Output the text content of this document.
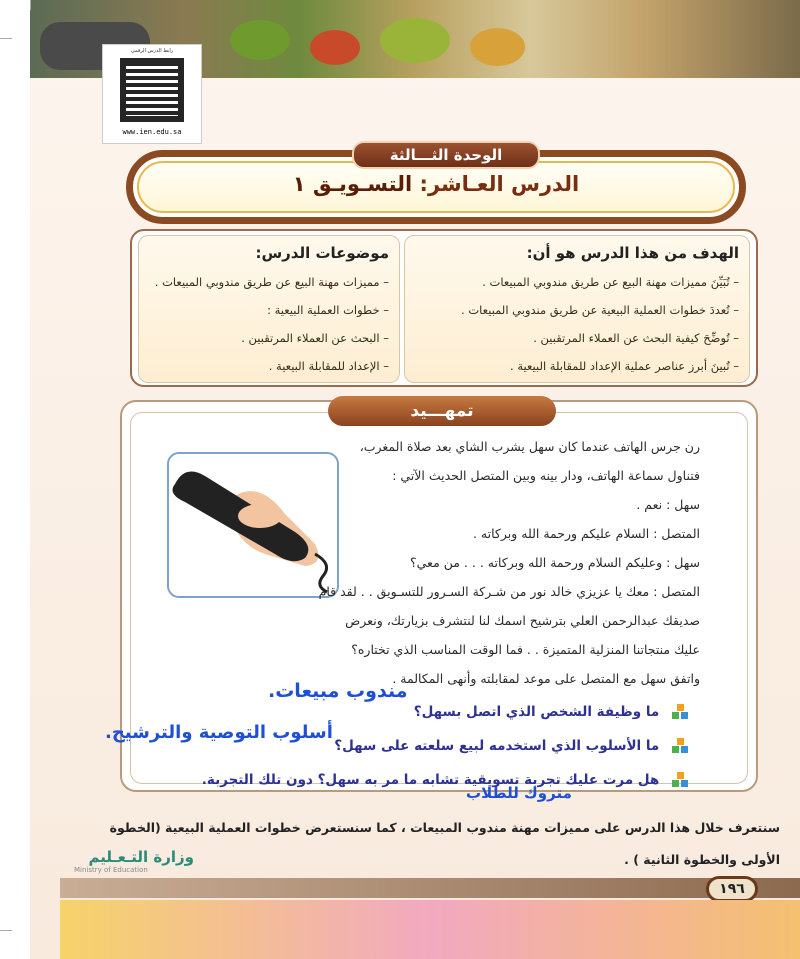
رابط الدرس الرقمي
www.ien.edu.sa
الوحدة الثـــالثة
الدرس العـاشر: التسـويـق ١
الهدف من هذا الدرس هو أن:
– تُبَيِّنَ مميزات مهنة البيع عن طريق مندوبي المبيعات .
– تُعددَ خطوات العملية البيعية عن طريق مندوبي المبيعات .
– تُوضِّحَ كيفية البحث عن العملاء المرتقبين .
– تُبينَ أبرز عناصر عملية الإعداد للمقابلة البيعية .
موضوعات الدرس:
– مميزات مهنة البيع عن طريق مندوبي المبيعات .
– خطوات العملية البيعية :
– البحث عن العملاء المرتقبين .
– الإعداد للمقابلة البيعية .
تمهـــيد

رن جرس الهاتف عندما كان سهل يشرب الشاي بعد صلاة المغرب،

فتناول سماعة الهاتف، ودار بينه وبين المتصل الحديث الآتي :

سهل : نعم .

المتصل : السلام عليكم ورحمة الله وبركاته .

سهل : وعليكم السلام ورحمة الله وبركاته . . . من معي؟

المتصل : معك يا عزيزي خالد نور من شـركة السـرور للتسـويق . . لقد قام

صديقك عبدالرحمن العلي بترشيح اسمك لنا لنتشرف بزيارتك، ونعرض

عليك منتجاتنا المنزلية المتميزة . . فما الوقت المناسب الذي تختاره؟

واتفق سهل مع المتصل على موعد لمقابلته وأنهى المكالمة .

ما وظيفة الشخص الذي اتصل بسهل؟
ما الأسلوب الذي استخدمه لبيع سلعته على سهل؟
هل مرت عليك تجربة تسويقية تشابه ما مر به سهل؟ دون تلك التجربة.
مندوب مبيعات.
أسلوب التوصية والترشيح.
متروك للطلاب
سنتعرف خلال هذا الدرس على مميزات مهنة مندوب المبيعات ، كما سنستعرض خطوات العملية البيعية (الخطوة الأولى والخطوة الثانية ) .
وزارة التـعـليم
Ministry of Education
١٩٦
